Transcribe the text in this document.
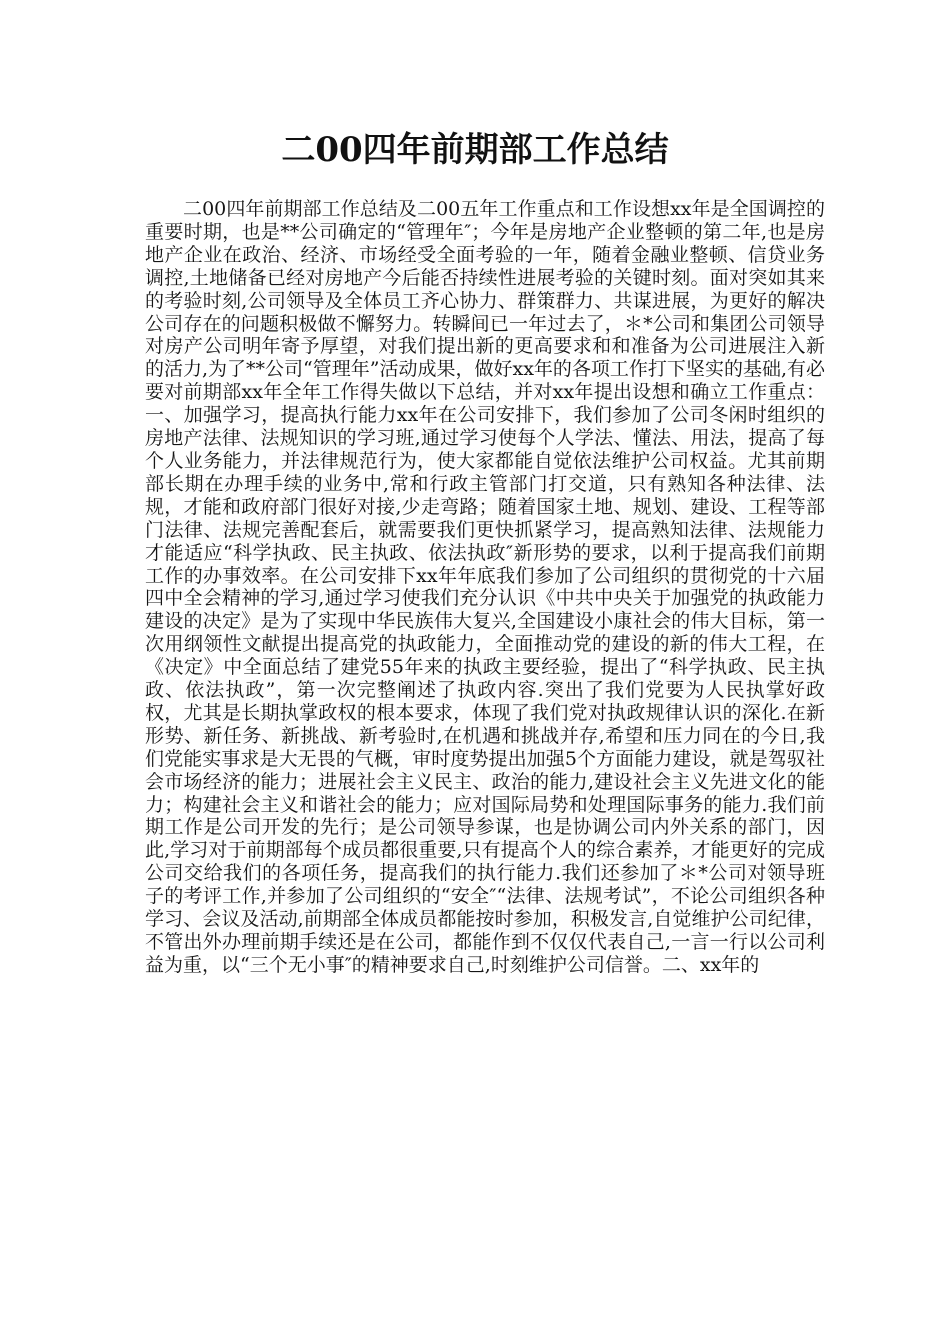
二00四年前期部工作总结

二00四年前期部工作总结及二00五年工作重点和工作设想xx年是全国调控的重要时期，也是**公司确定的“管理年″；今年是房地产企业整顿的第二年,也是房地产企业在政治、经济、市场经受全面考验的一年，随着金融业整顿、信贷业务调控,土地储备已经对房地产今后能否持续性进展考验的关键时刻。面对突如其来的考验时刻,公司领导及全体员工齐心协力、群策群力、共谋进展，为更好的解决公司存在的问题积极做不懈努力。转瞬间已一年过去了，＊*公司和集团公司领导对房产公司明年寄予厚望，对我们提出新的更高要求和和准备为公司进展注入新的活力,为了**公司“管理年”活动成果，做好xx年的各项工作打下坚实的基础,有必要对前期部xx年全年工作得失做以下总结，并对xx年提出设想和确立工作重点：一、加强学习，提高执行能力xx年在公司安排下，我们参加了公司冬闲时组织的房地产法律、法规知识的学习班,通过学习使每个人学法、懂法、用法，提高了每个人业务能力，并法律规范行为，使大家都能自觉依法维护公司权益。尤其前期部长期在办理手续的业务中,常和行政主管部门打交道，只有熟知各种法律、法规，才能和政府部门很好对接,少走弯路；随着国家土地、规划、建设、工程等部门法律、法规完善配套后，就需要我们更快抓紧学习，提高熟知法律、法规能力才能适应“科学执政、民主执政、依法执政″新形势的要求，以利于提高我们前期工作的办事效率。在公司安排下xx年年底我们参加了公司组织的贯彻党的十六届四中全会精神的学习,通过学习使我们充分认识《中共中央关于加强党的执政能力建设的决定》是为了实现中华民族伟大复兴,全国建设小康社会的伟大目标，第一次用纲领性文献提出提高党的执政能力，全面推动党的建设的新的伟大工程，在《决定》中全面总结了建党55年来的执政主要经验，提出了“科学执政、民主执政、依法执政”，第一次完整阐述了执政内容.突出了我们党要为人民执掌好政权，尤其是长期执掌政权的根本要求，体现了我们党对执政规律认识的深化.在新形势、新任务、新挑战、新考验时,在机遇和挑战并存,希望和压力同在的今日,我们党能实事求是大无畏的气概，审时度势提出加强5个方面能力建设，就是驾驭社会市场经济的能力；进展社会主义民主、政治的能力,建设社会主义先进文化的能力；构建社会主义和谐社会的能力；应对国际局势和处理国际事务的能力.我们前期工作是公司开发的先行；是公司领导参谋，也是协调公司内外关系的部门，因此,学习对于前期部每个成员都很重要,只有提高个人的综合素养，才能更好的完成公司交给我们的各项任务，提高我们的执行能力.我们还参加了＊*公司对领导班子的考评工作,并参加了公司组织的“安全″“法律、法规考试”，不论公司组织各种学习、会议及活动,前期部全体成员都能按时参加，积极发言,自觉维护公司纪律，不管出外办理前期手续还是在公司，都能作到不仅仅代表自己,一言一行以公司利益为重，以“三个无小事″的精神要求自己,时刻维护公司信誉。二、xx年的
